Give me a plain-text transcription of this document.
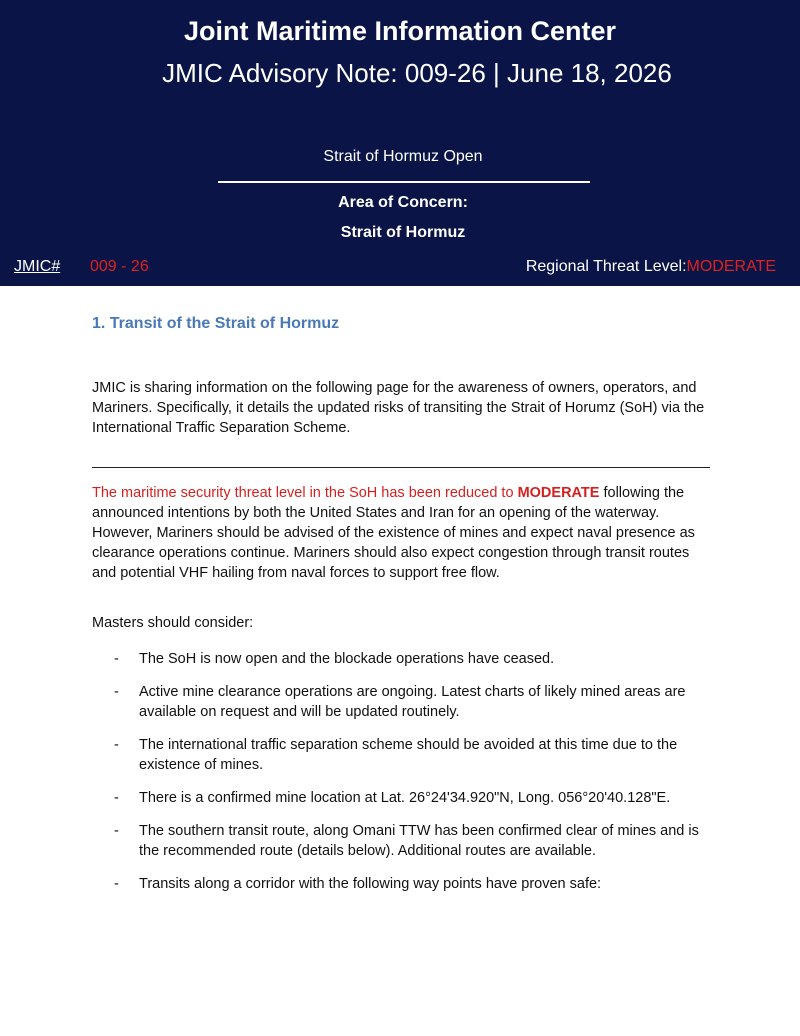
Joint Maritime Information Center
JMIC Advisory Note: 009-26 | June 18, 2026
Strait of Hormuz Open
Area of Concern:
Strait of Hormuz
JMIC# 009 - 26	Regional Threat Level:MODERATE
1. Transit of the Strait of Hormuz

JMIC is sharing information on the following page for the awareness of owners, operators, and Mariners. Specifically, it details the updated risks of transiting the Strait of Horumz (SoH) via the International Traffic Separation Scheme.

The maritime security threat level in the SoH has been reduced to MODERATE following the announced intentions by both the United States and Iran for an opening of the waterway. However, Mariners should be advised of the existence of mines and expect naval presence as clearance operations continue. Mariners should also expect congestion through transit routes and potential VHF hailing from naval forces to support free flow.

Masters should consider:

- The SoH is now open and the blockade operations have ceased.
- Active mine clearance operations are ongoing. Latest charts of likely mined areas are available on request and will be updated routinely.
- The international traffic separation scheme should be avoided at this time due to the existence of mines.
- There is a confirmed mine location at Lat. 26°24'34.920"N, Long. 056°20'40.128"E.
- The southern transit route, along Omani TTW has been confirmed clear of mines and is the recommended route (details below). Additional routes are available.
- Transits along a corridor with the following way points have proven safe:
